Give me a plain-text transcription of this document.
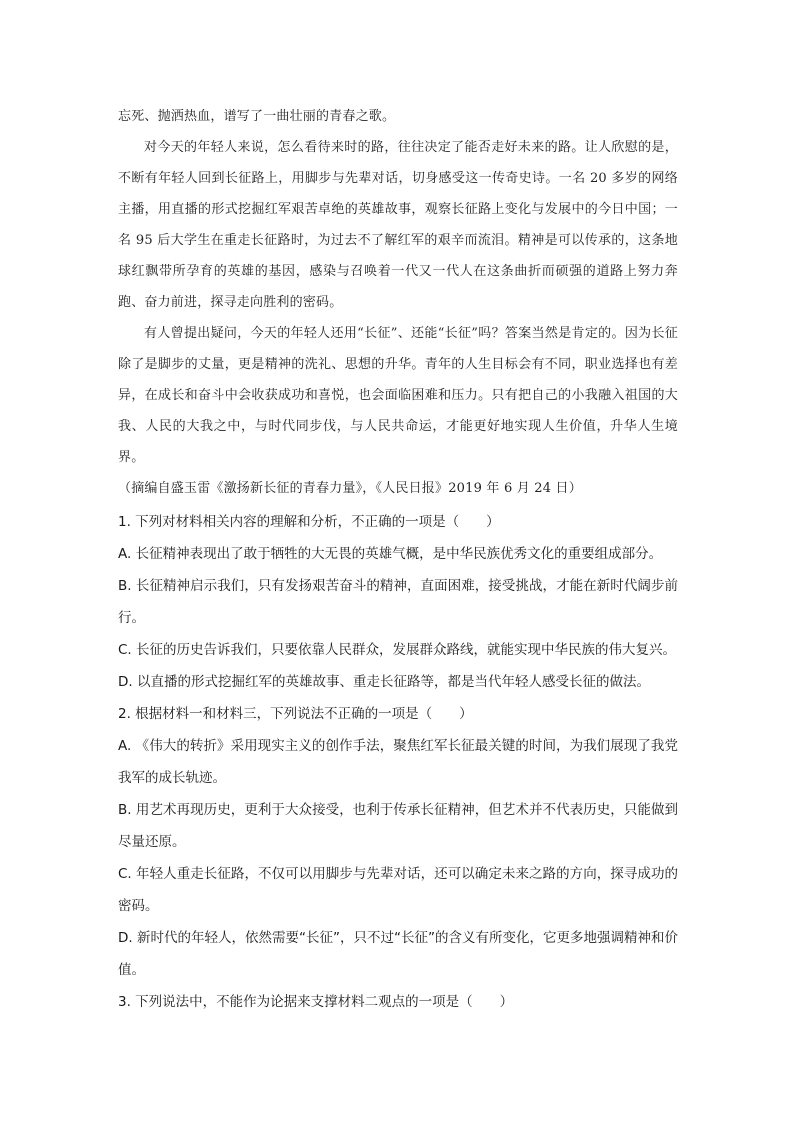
忘死、抛洒热血，谱写了一曲壮丽的青春之歌。

对今天的年轻人来说，怎么看待来时的路，往往决定了能否走好未来的路。让人欣慰的是，不断有年轻人回到长征路上，用脚步与先辈对话，切身感受这一传奇史诗。一名 20 多岁的网络主播，用直播的形式挖掘红军艰苦卓绝的英雄故事，观察长征路上变化与发展中的今日中国；一名 95 后大学生在重走长征路时，为过去不了解红军的艰辛而流泪。精神是可以传承的，这条地球红飘带所孕育的英雄的基因，感染与召唤着一代又一代人在这条曲折而硕强的道路上努力奔跑、奋力前进，探寻走向胜利的密码。

有人曾提出疑问，今天的年轻人还用“长征”、还能“长征”吗？答案当然是肯定的。因为长征除了是脚步的丈量，更是精神的洗礼、思想的升华。青年的人生目标会有不同，职业选择也有差异，在成长和奋斗中会收获成功和喜悦，也会面临困难和压力。只有把自己的小我融入祖国的大我、人民的大我之中，与时代同步伐，与人民共命运，才能更好地实现人生价值，升华人生境界。

（摘编自盛玉雷《激扬新长征的青春力量》，《人民日报》2019 年 6 月 24 日）

1. 下列对材料相关内容的理解和分析，不正确的一项是（　　）

A. 长征精神表现出了敢于牺牲的大无畏的英雄气概，是中华民族优秀文化的重要组成部分。

B. 长征精神启示我们，只有发扬艰苦奋斗的精神，直面困难，接受挑战，才能在新时代阔步前行。

C. 长征的历史告诉我们，只要依靠人民群众，发展群众路线，就能实现中华民族的伟大复兴。

D. 以直播的形式挖掘红军的英雄故事、重走长征路等，都是当代年轻人感受长征的做法。

2. 根据材料一和材料三，下列说法不正确的一项是（　　）

A. 《伟大的转折》采用现实主义的创作手法，聚焦红军长征最关键的时间，为我们展现了我党我军的成长轨迹。

B. 用艺术再现历史，更利于大众接受，也利于传承长征精神，但艺术并不代表历史，只能做到尽量还原。

C. 年轻人重走长征路，不仅可以用脚步与先辈对话，还可以确定未来之路的方向，探寻成功的密码。

D. 新时代的年轻人，依然需要“长征”，只不过“长征”的含义有所变化，它更多地强调精神和价值。

3. 下列说法中，不能作为论据来支撑材料二观点的一项是（　　）
